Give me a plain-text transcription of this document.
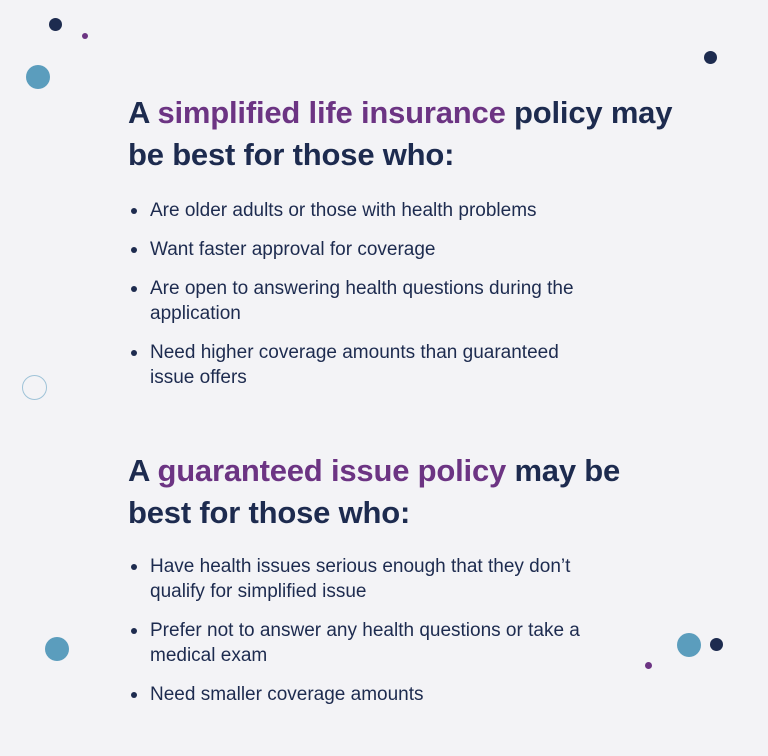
A simplified life insurance policy may be best for those who:
Are older adults or those with health problems
Want faster approval for coverage
Are open to answering health questions during the application
Need higher coverage amounts than guaranteed issue offers
A guaranteed issue policy may be best for those who:
Have health issues serious enough that they don’t qualify for simplified issue
Prefer not to answer any health questions or take a medical exam
Need smaller coverage amounts
